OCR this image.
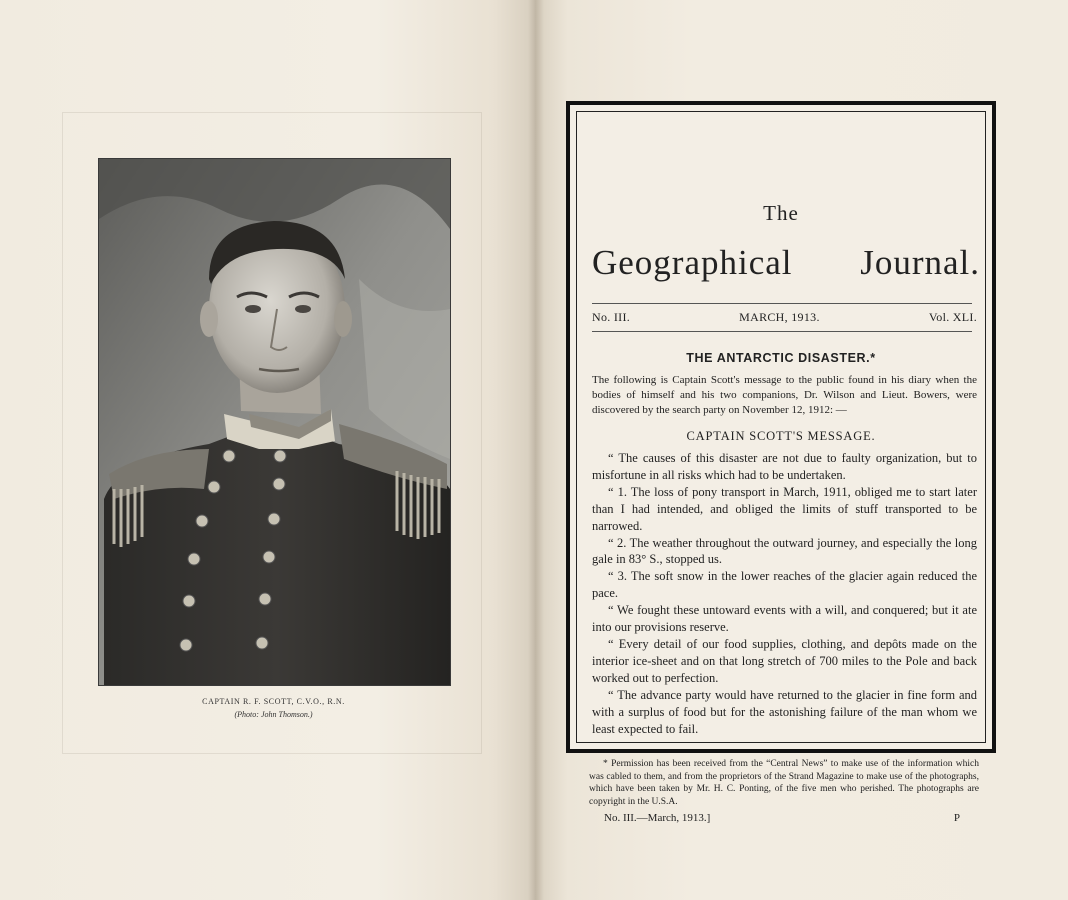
CAPTAIN R. F. SCOTT, C.V.O., R.N.
(Photo: John Thomson.)
The
Geographical Journal.
No. III.	MARCH, 1913.	Vol. XLI.
THE ANTARCTIC DISASTER.*
The following is Captain Scott's message to the public found in his diary when the bodies of himself and his two companions, Dr. Wilson and Lieut. Bowers, were discovered by the search party on November 12, 1912: —
CAPTAIN SCOTT'S MESSAGE.

“ The causes of this disaster are not due to faulty organization, but to misfortune in all risks which had to be undertaken.

“ 1. The loss of pony transport in March, 1911, obliged me to start later than I had intended, and obliged the limits of stuff transported to be narrowed.

“ 2. The weather throughout the outward journey, and especially the long gale in 83° S., stopped us.

“ 3. The soft snow in the lower reaches of the glacier again reduced the pace.

“ We fought these untoward events with a will, and conquered; but it ate into our provisions reserve.

“ Every detail of our food supplies, clothing, and depôts made on the interior ice-sheet and on that long stretch of 700 miles to the Pole and back worked out to perfection.

“ The advance party would have returned to the glacier in fine form and with a surplus of food but for the astonishing failure of the man whom we least expected to fail.

* Permission has been received from the “Central News” to make use of the information which was cabled to them, and from the proprietors of the Strand Magazine to make use of the photographs, which have been taken by Mr. H. C. Ponting, of the five men who perished. The photographs are copyright in the U.S.A.

No. III.—March, 1913.]	P
